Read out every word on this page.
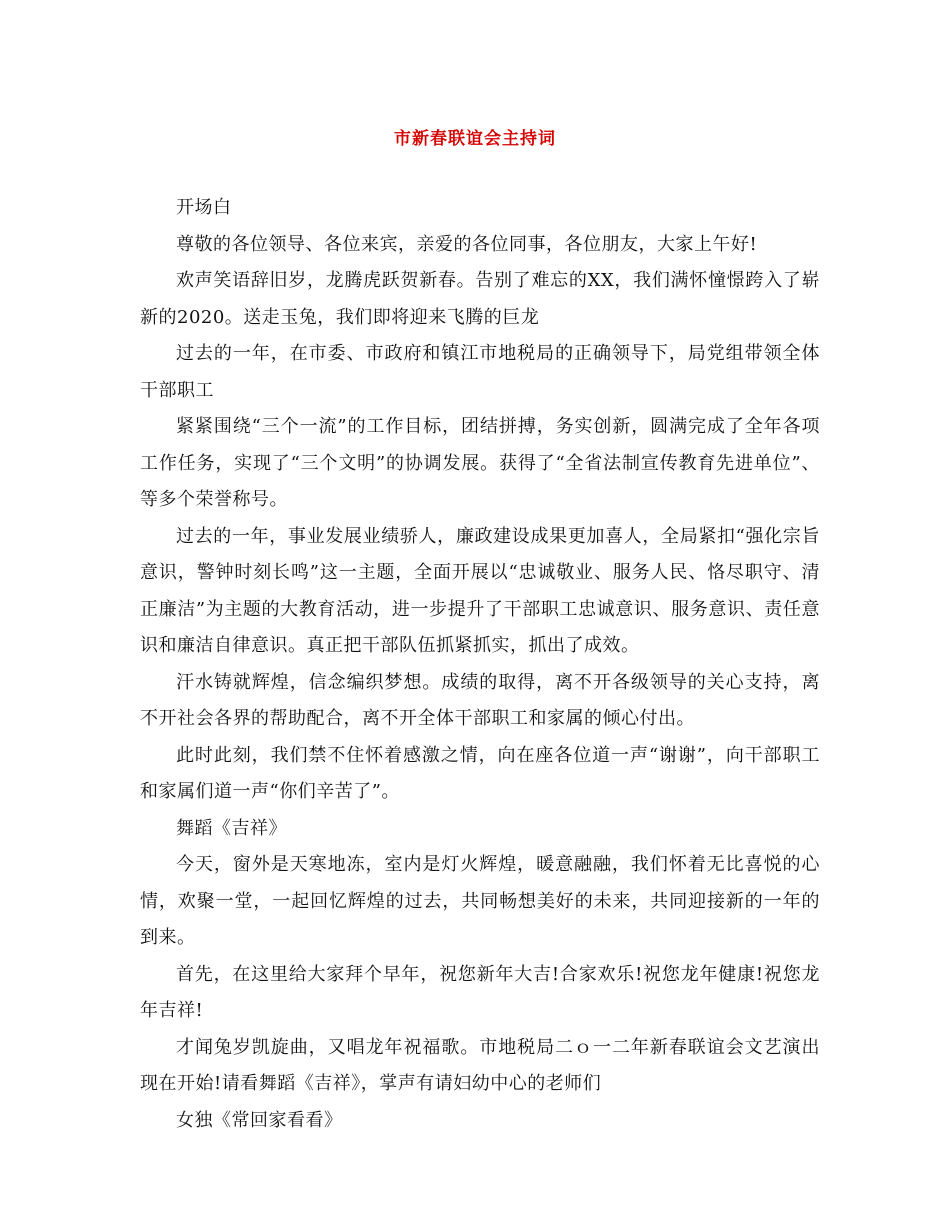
市新春联谊会主持词

开场白

尊敬的各位领导、各位来宾，亲爱的各位同事，各位朋友，大家上午好!

欢声笑语辞旧岁，龙腾虎跃贺新春。告别了难忘的XX，我们满怀憧憬跨入了崭新的2020。送走玉兔，我们即将迎来飞腾的巨龙

过去的一年，在市委、市政府和镇江市地税局的正确领导下，局党组带领全体干部职工

紧紧围绕“三个一流”的工作目标，团结拼搏，务实创新，圆满完成了全年各项工作任务，实现了“三个文明”的协调发展。获得了“全省法制宣传教育先进单位”、 等多个荣誉称号。

过去的一年，事业发展业绩骄人，廉政建设成果更加喜人，全局紧扣“强化宗旨意识，警钟时刻长鸣”这一主题，全面开展以“忠诚敬业、服务人民、恪尽职守、清正廉洁”为主题的大教育活动，进一步提升了干部职工忠诚意识、服务意识、责任意识和廉洁自律意识。真正把干部队伍抓紧抓实，抓出了成效。

汗水铸就辉煌，信念编织梦想。成绩的取得，离不开各级领导的关心支持，离不开社会各界的帮助配合，离不开全体干部职工和家属的倾心付出。

此时此刻，我们禁不住怀着感激之情，向在座各位道一声“谢谢”，向干部职工和家属们道一声“你们辛苦了”。

舞蹈《吉祥》

今天，窗外是天寒地冻，室内是灯火辉煌，暖意融融，我们怀着无比喜悦的心情，欢聚一堂，一起回忆辉煌的过去，共同畅想美好的未来，共同迎接新的一年的到来。

首先，在这里给大家拜个早年，祝您新年大吉!合家欢乐!祝您龙年健康!祝您龙年吉祥!

才闻兔岁凯旋曲，又唱龙年祝福歌。市地税局二ｏ一二年新春联谊会文艺演出现在开始!请看舞蹈《吉祥》，掌声有请妇幼中心的老师们

女独《常回家看看》
